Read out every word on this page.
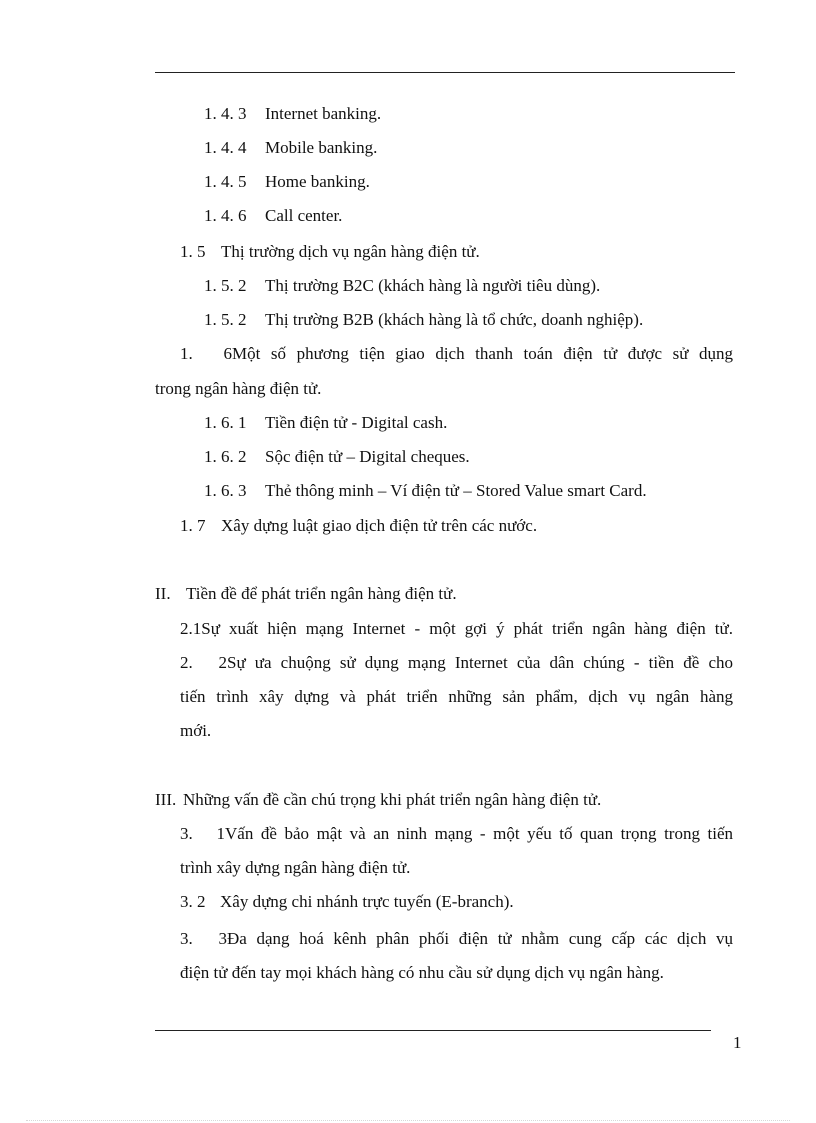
1. 4. 3 Internet banking.
1. 4. 4 Mobile banking.
1. 4. 5 Home banking.
1. 4. 6 Call center.
1. 5 Thị trường dịch vụ ngân hàng điện tử.
1. 5. 2 Thị trường B2C (khách hàng là người tiêu dùng).
1. 5. 2 Thị trường B2B (khách hàng là tổ chức, doanh nghiệp).
1. 6Một số phương tiện giao dịch thanh toán điện tử được sử dụng
trong ngân hàng điện tử.
1. 6. 1 Tiền điện tử - Digital cash.
1. 6. 2 Sộc điện tử – Digital cheques.
1. 6. 3 Thẻ thông minh – Ví điện tử – Stored Value smart Card.
1. 7 Xây dựng luật giao dịch điện tử trên các nước.
II. Tiền đề để phát triển ngân hàng điện tử.
2.1Sự xuất hiện mạng Internet - một gợi ý phát triển ngân hàng điện tử.
2. 2Sự ưa chuộng sử dụng mạng Internet của dân chúng - tiền đề cho
tiến trình xây dựng và phát triển những sản phẩm, dịch vụ ngân hàng
mới.
III. Những vấn đề cần chú trọng khi phát triển ngân hàng điện tử.
3. 1Vấn đề bảo mật và an ninh mạng - một yếu tố quan trọng trong tiến
trình xây dựng ngân hàng điện tử.
3. 2 Xây dựng chi nhánh trực tuyến (E-branch).
3. 3Đa dạng hoá kênh phân phối điện tử nhằm cung cấp các dịch vụ
điện tử đến tay mọi khách hàng có nhu cầu sử dụng dịch vụ ngân hàng.
1
